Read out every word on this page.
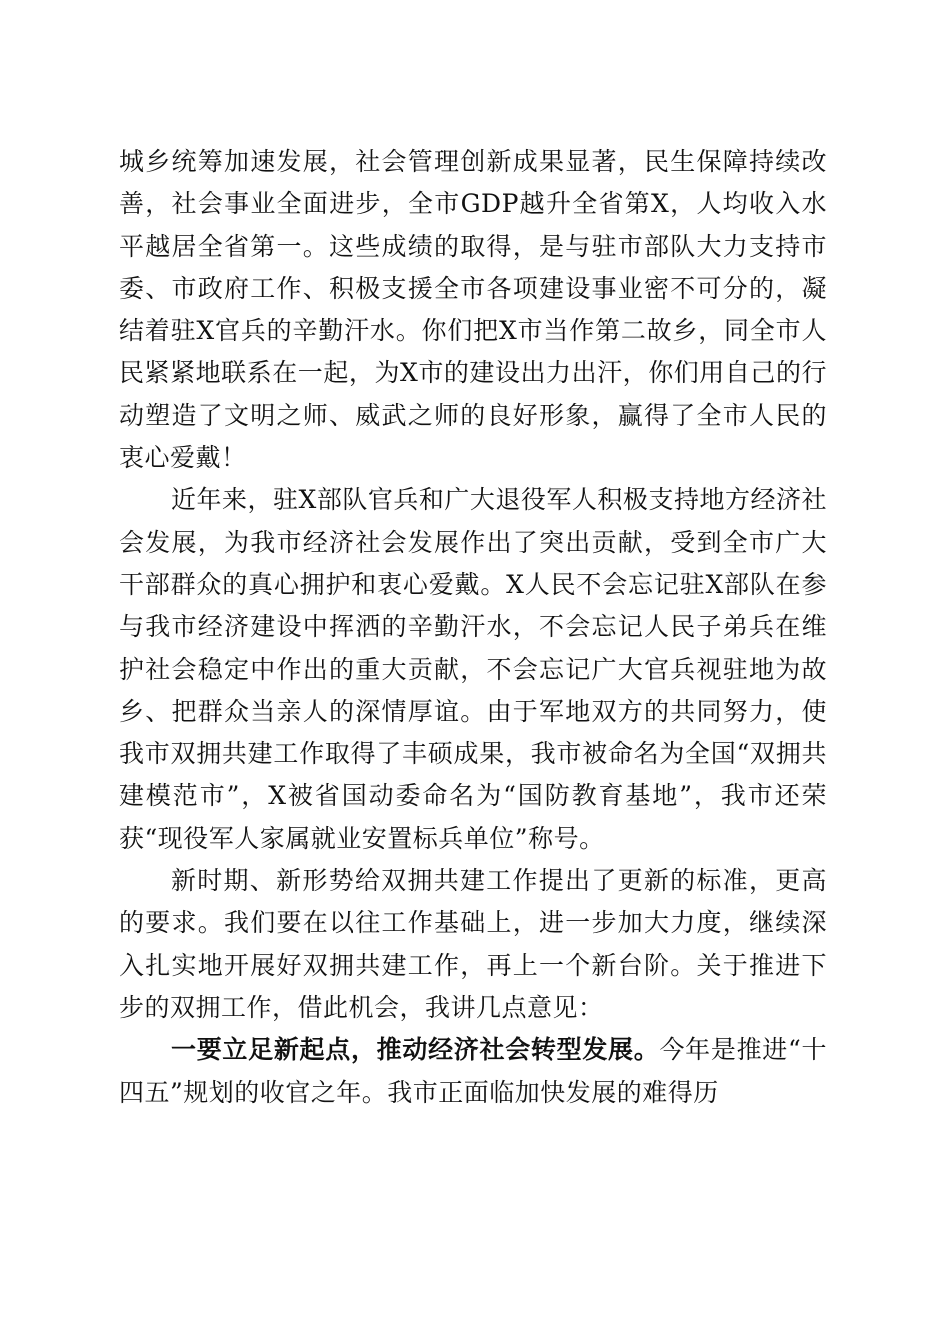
城乡统筹加速发展，社会管理创新成果显著，民生保障持续改善，社会事业全面进步，全市GDP越升全省第X，人均收入水平越居全省第一。这些成绩的取得，是与驻市部队大力支持市委、市政府工作、积极支援全市各项建设事业密不可分的，凝结着驻X官兵的辛勤汗水。你们把X市当作第二故乡，同全市人民紧紧地联系在一起，为X市的建设出力出汗，你们用自己的行动塑造了文明之师、威武之师的良好形象，赢得了全市人民的衷心爱戴！

近年来，驻X部队官兵和广大退役军人积极支持地方经济社会发展，为我市经济社会发展作出了突出贡献，受到全市广大干部群众的真心拥护和衷心爱戴。X人民不会忘记驻X部队在参与我市经济建设中挥洒的辛勤汗水，不会忘记人民子弟兵在维护社会稳定中作出的重大贡献，不会忘记广大官兵视驻地为故乡、把群众当亲人的深情厚谊。由于军地双方的共同努力，使我市双拥共建工作取得了丰硕成果，我市被命名为全国“双拥共建模范市”，X被省国动委命名为“国防教育基地”，我市还荣获“现役军人家属就业安置标兵单位”称号。

新时期、新形势给双拥共建工作提出了更新的标准，更高的要求。我们要在以往工作基础上，进一步加大力度，继续深入扎实地开展好双拥共建工作，再上一个新台阶。关于推进下步的双拥工作，借此机会，我讲几点意见：

一要立足新起点，推动经济社会转型发展。今年是推进“十四五”规划的收官之年。我市正面临加快发展的难得历
